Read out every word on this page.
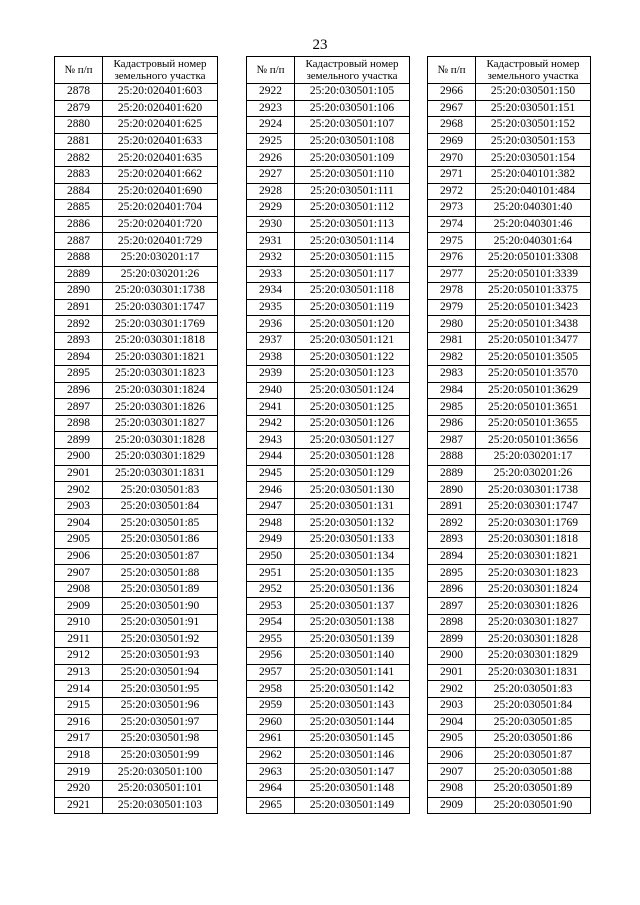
23
№ п/п	Кадастровый номер земельного участка
2878	25:20:020401:603
2879	25:20:020401:620
2880	25:20:020401:625
2881	25:20:020401:633
2882	25:20:020401:635
2883	25:20:020401:662
2884	25:20:020401:690
2885	25:20:020401:704
2886	25:20:020401:720
2887	25:20:020401:729
2888	25:20:030201:17
2889	25:20:030201:26
2890	25:20:030301:1738
2891	25:20:030301:1747
2892	25:20:030301:1769
2893	25:20:030301:1818
2894	25:20:030301:1821
2895	25:20:030301:1823
2896	25:20:030301:1824
2897	25:20:030301:1826
2898	25:20:030301:1827
2899	25:20:030301:1828
2900	25:20:030301:1829
2901	25:20:030301:1831
2902	25:20:030501:83
2903	25:20:030501:84
2904	25:20:030501:85
2905	25:20:030501:86
2906	25:20:030501:87
2907	25:20:030501:88
2908	25:20:030501:89
2909	25:20:030501:90
2910	25:20:030501:91
2911	25:20:030501:92
2912	25:20:030501:93
2913	25:20:030501:94
2914	25:20:030501:95
2915	25:20:030501:96
2916	25:20:030501:97
2917	25:20:030501:98
2918	25:20:030501:99
2919	25:20:030501:100
2920	25:20:030501:101
2921	25:20:030501:103
№ п/п	Кадастровый номер земельного участка
2922	25:20:030501:105
2923	25:20:030501:106
2924	25:20:030501:107
2925	25:20:030501:108
2926	25:20:030501:109
2927	25:20:030501:110
2928	25:20:030501:111
2929	25:20:030501:112
2930	25:20:030501:113
2931	25:20:030501:114
2932	25:20:030501:115
2933	25:20:030501:117
2934	25:20:030501:118
2935	25:20:030501:119
2936	25:20:030501:120
2937	25:20:030501:121
2938	25:20:030501:122
2939	25:20:030501:123
2940	25:20:030501:124
2941	25:20:030501:125
2942	25:20:030501:126
2943	25:20:030501:127
2944	25:20:030501:128
2945	25:20:030501:129
2946	25:20:030501:130
2947	25:20:030501:131
2948	25:20:030501:132
2949	25:20:030501:133
2950	25:20:030501:134
2951	25:20:030501:135
2952	25:20:030501:136
2953	25:20:030501:137
2954	25:20:030501:138
2955	25:20:030501:139
2956	25:20:030501:140
2957	25:20:030501:141
2958	25:20:030501:142
2959	25:20:030501:143
2960	25:20:030501:144
2961	25:20:030501:145
2962	25:20:030501:146
2963	25:20:030501:147
2964	25:20:030501:148
2965	25:20:030501:149
№ п/п	Кадастровый номер земельного участка
2966	25:20:030501:150
2967	25:20:030501:151
2968	25:20:030501:152
2969	25:20:030501:153
2970	25:20:030501:154
2971	25:20:040101:382
2972	25:20:040101:484
2973	25:20:040301:40
2974	25:20:040301:46
2975	25:20:040301:64
2976	25:20:050101:3308
2977	25:20:050101:3339
2978	25:20:050101:3375
2979	25:20:050101:3423
2980	25:20:050101:3438
2981	25:20:050101:3477
2982	25:20:050101:3505
2983	25:20:050101:3570
2984	25:20:050101:3629
2985	25:20:050101:3651
2986	25:20:050101:3655
2987	25:20:050101:3656
2888	25:20:030201:17
2889	25:20:030201:26
2890	25:20:030301:1738
2891	25:20:030301:1747
2892	25:20:030301:1769
2893	25:20:030301:1818
2894	25:20:030301:1821
2895	25:20:030301:1823
2896	25:20:030301:1824
2897	25:20:030301:1826
2898	25:20:030301:1827
2899	25:20:030301:1828
2900	25:20:030301:1829
2901	25:20:030301:1831
2902	25:20:030501:83
2903	25:20:030501:84
2904	25:20:030501:85
2905	25:20:030501:86
2906	25:20:030501:87
2907	25:20:030501:88
2908	25:20:030501:89
2909	25:20:030501:90
